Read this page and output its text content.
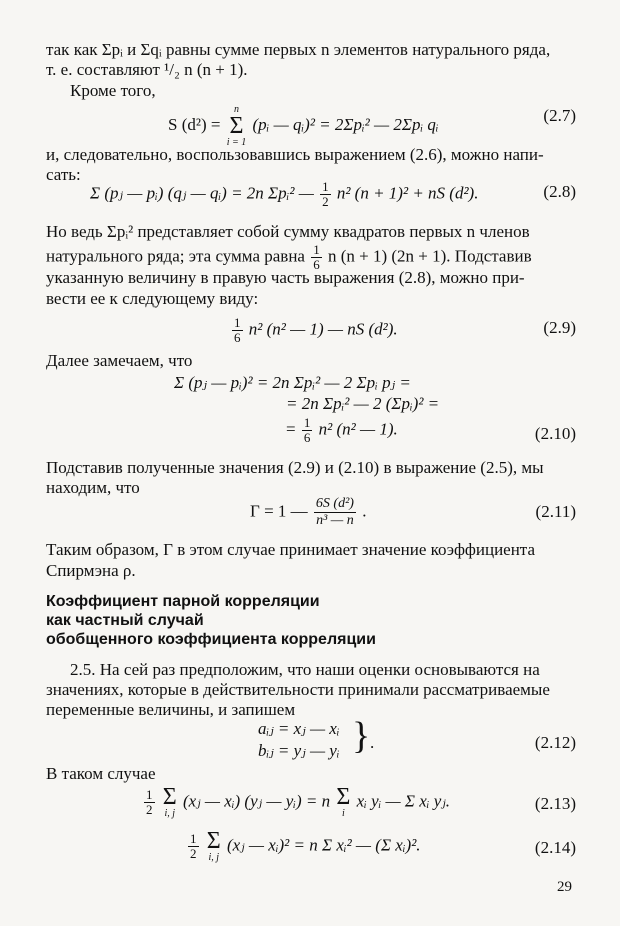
так как Σpᵢ и Σqᵢ равны сумме первых n элементов натурального ряда,
т. е. составляют ¹/₂ n (n + 1).
Кроме того,
S (d²) =
n
Σ
i = 1
(pᵢ — qᵢ)² = 2Σpᵢ² — 2Σpᵢ qᵢ	(2.7)
и, следовательно, воспользовавшись выражением (2.6), можно напи-
сать:
Σ (pⱼ — pᵢ) (qⱼ — qᵢ) = 2n Σpᵢ² — $\frac{1}{2} n^2$ (n + 1)² + nS (d²).	(2.8)
Но ведь Σpᵢ² представляет собой сумму квадратов первых n членов
натурального ряда; эта сумма равна $\frac{1}{6}$ n (n + 1) (2n + 1). Подставив
указанную величину в правую часть выражения (2.8), можно при-
вести ее к следующему виду:
$\frac{1}{6} n^2$ (n² — 1) — nS (d²).	(2.9)
Далее замечаем, что
Σ (pⱼ — pᵢ)² = 2n Σpᵢ² — 2 Σpᵢ pⱼ =
= 2n Σpᵢ² — 2 (Σpᵢ)² =
= $\frac{1}{6} n^2$ (n² — 1).	(2.10)
Подставив полученные значения (2.9) и (2.10) в выражение (2.5), мы
находим, что
Γ = 1 — $\frac{\text{6S (d²)}}{\text{n³ — n}}$ .	(2.11)
Таким образом, Γ в этом случае принимает значение коэффициента
Спирмэна ρ.
Коэффициент парной корреляции
как частный случай
обобщенного коэффициента корреляции
2.5. На сей раз предположим, что наши оценки основываются на
значениях, которые в действительности принимали рассматриваемые
переменные величины, и запишем
aᵢⱼ = xⱼ — xᵢ
bᵢⱼ = yⱼ — yᵢ } .	(2.12)
В таком случае
$\frac{1}{2}$
Σ
i, j
(xⱼ — xᵢ) (yⱼ — yᵢ) = n Σ
i
xᵢ yᵢ — Σ xᵢ yⱼ.	(2.13)
$\frac{1}{2}$
Σ
i, j
(xⱼ — xᵢ)² = n Σ xᵢ² — (Σ xᵢ)².	(2.14)
29
